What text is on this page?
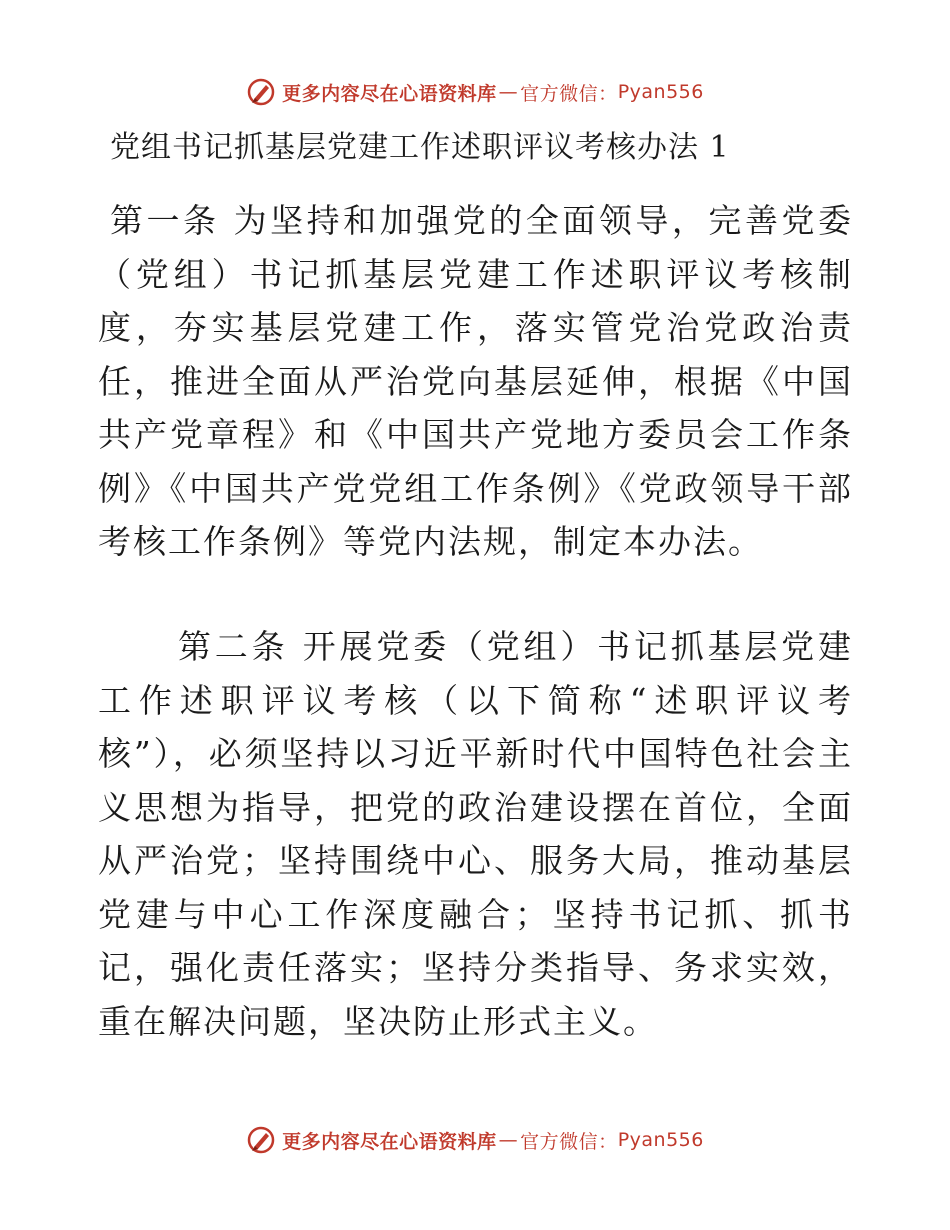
更多内容尽在心语资料库 — 官方微信： Pyan556
党组书记抓基层党建工作述职评议考核办法 1
第一条 为坚持和加强党的全面领导，完善党委（党组）书记抓基层党建工作述职评议考核制度，夯实基层党建工作，落实管党治党政治责任，推进全面从严治党向基层延伸，根据《中国共产党章程》和《中国共产党地方委员会工作条例》《中国共产党党组工作条例》《党政领导干部考核工作条例》等党内法规，制定本办法。
第二条 开展党委（党组）书记抓基层党建工作述职评议考核（以下简称“述职评议考核”），必须坚持以习近平新时代中国特色社会主义思想为指导，把党的政治建设摆在首位，全面从严治党；坚持围绕中心、服务大局，推动基层党建与中心工作深度融合；坚持书记抓、抓书记，强化责任落实；坚持分类指导、务求实效，重在解决问题，坚决防止形式主义。
更多内容尽在心语资料库 — 官方微信： Pyan556
